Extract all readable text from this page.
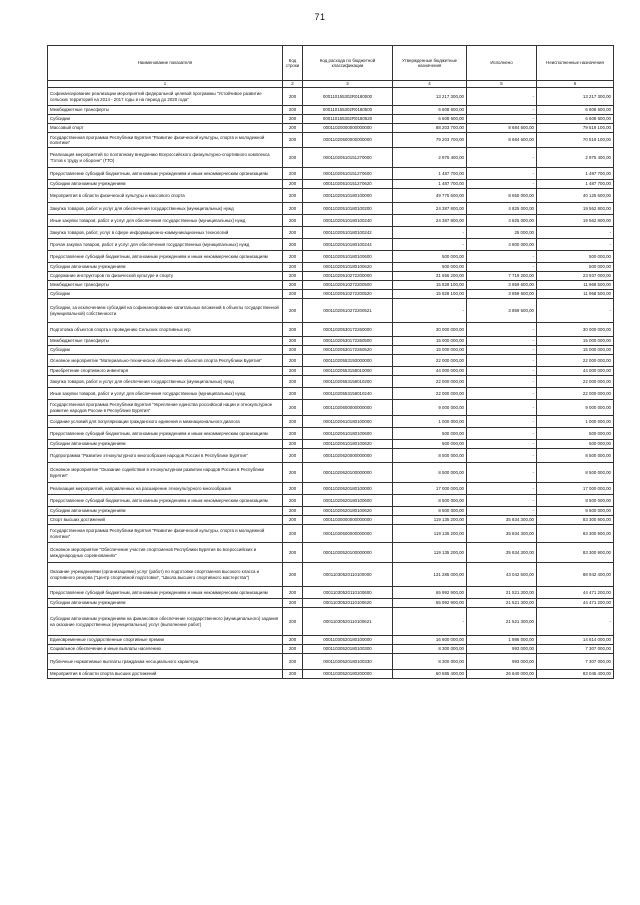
71
Наименование показателя	Код строки	Код расхода по бюджетной классификации	Утвержденные бюджетные назначения	Исполнено	Неисполненные назначения
1	2	3	4	5	6
Софинансирование реализации мероприятий федеральной целевой программы "Устойчивое развитие сельских территорий на 2014 - 2017 годы и на период до 2020 года"	200	000110155302R0180000	13 217 300,00	-	13 217 300,00
Межбюджетные трансферты	200	000110155302R0180500	6 608 600,00	-	6 608 600,00
Субсидии	200	000110155302R0180520	6 608 600,00	-	6 608 600,00
Массовый спорт	200	00011020000000000000	88 203 700,00	8 684 600,00	79 519 100,00
Государственная программа Республики Бурятия "Развитие физической культуры, спорта и молодежной политики"	200	00011020500000000000	79 203 700,00	8 684 600,00	70 519 100,00
Реализация мероприятий по поэтапному внедрению Всероссийского физкультурно-спортивного комплекса "Готов к труду и обороне" (ГТО)	200	00011020510151270000	2 975 400,00	-	2 975 400,00
Предоставление субсидий бюджетным, автономным учреждениям и иным некоммерческим организациям	200	00011020510151270600	1 487 700,00	-	1 487 700,00
Субсидии автономным учреждениям	200	00011020510151270620	1 487 700,00	-	1 487 700,00
Мероприятия в области физической культуры и массового спорта	200	00011020510180100000	49 775 600,00	8 650 000,00	40 125 600,00
Закупка товаров, работ и услуг для обеспечения государственных (муниципальных) нужд	200	00011020510180100200	24 387 800,00	4 825 000,00	19 562 800,00
Иные закупки товаров, работ и услуг для обеспечения государственных (муниципальных) нужд	200	00011020510180100240	24 387 800,00	4 825 000,00	19 562 800,00
Закупка товаров, работ, услуг в сфере информационно-коммуникационных технологий	200	00011020510180100242	-	25 000,00	-
Прочая закупка товаров, работ и услуг для обеспечения государственных (муниципальных) нужд	200	00011020510180100244	-	4 800 000,00	-
Предоставление субсидий бюджетным, автономным учреждениям и иным некоммерческим организациям	200	00011020510180100600	500 000,00	-	500 000,00
Субсидии автономным учреждениям	200	00011020510180100620	500 000,00	-	500 000,00
Содержание инструкторов по физической культуре и спорту	200	00011020510272200000	31 656 200,00	7 719 200,00	23 937 000,00
Межбюджетные трансферты	200	00011020510272200500	15 828 100,00	3 859 600,00	11 968 500,00
Субсидии	200	00011020510272200520	15 828 100,00	3 859 600,00	11 968 500,00
Субсидии, за исключением субсидий на софинансирование капитальных вложений в объекты государственной (муниципальной) собственности	200	00011020510272200521	-	3 859 600,00	-
Подготовка объектов спорта к проведению Сельских спортивных игр	200	00011020530172260000	30 000 000,00	-	30 000 000,00
Межбюджетные трансферты	200	00011020530172260500	15 000 000,00	-	15 000 000,00
Субсидии	200	00011020530172260520	15 000 000,00	-	15 000 000,00
Основное мероприятие "Материально-техническое обеспечение объектов спорта Республики Бурятия"	200	00011020553150000000	22 000 000,00	-	22 000 000,00
Приобретение спортивного инвентаря	200	00011020553158010000	44 000 000,00	-	44 000 000,00
Закупка товаров, работ и услуг для обеспечения государственных (муниципальных) нужд	200	00011020553158010200	22 000 000,00	-	22 000 000,00
Иные закупки товаров, работ и услуг для обеспечения государственных (муниципальных) нужд	200	00011020553158010240	22 000 000,00	-	22 000 000,00
Государственная программа Республики Бурятия "Укрепление единства российской нации и этнокультурное развитие народов России в Республике Бурятия"	200	00011020600000000000	9 000 000,00	-	9 000 000,00
Создание условий для популяризации гражданского единения и межнационального диалога	200	00011020610180100000	1 000 000,00	-	1 000 000,00
Предоставление субсидий бюджетным, автономным учреждениям и иным некоммерческим организациям	200	00011020610180100600	500 000,00	-	500 000,00
Субсидии автономным учреждениям	200	00011020610180100620	500 000,00	-	500 000,00
Подпрограмма "Развитие этнокультурного многообразия народов России в Республике Бурятия"	200	00011020620000000000	8 500 000,00	-	8 500 000,00
Основное мероприятие "Оказание содействия в этнокультурном развитии народов России в Республике Бурятия"	200	00011020620100000000	8 500 000,00	-	8 500 000,00
Реализация мероприятий, направленных на расширение этнокультурного многообразия	200	00011020620180100000	17 000 000,00	-	17 000 000,00
Предоставление субсидий бюджетным, автономным учреждениям и иным некоммерческим организациям	200	00011020620180100600	8 500 000,00	-	8 500 000,00
Субсидии автономным учреждениям	200	00011020620180100620	8 500 000,00	-	8 500 000,00
Спорт высших достижений	200	00011030000000000000	119 135 200,00	35 834 300,00	83 300 900,00
Государственная программа Республики Бурятия "Развитие физической культуры, спорта и молодежной политики"	200	00011030500000000000	119 135 200,00	35 834 300,00	83 300 900,00
Основное мероприятие "Обеспечение участия спортсменов Республики Бурятия во всероссийских и международных соревнованиях"	200	00011030520100000000	119 135 200,00	35 834 300,00	83 300 900,00
Оказание учреждениями (организациями) услуг (работ) по подготовке спортсменов высокого класса и спортивного резерва ("Центр спортивной подготовки", "Школа высшего спортивного мастерства")	200	00011030520110100000	131 285 000,00	43 042 600,00	88 942 400,00
Предоставление субсидий бюджетным, автономным учреждениям и иным некоммерческим организациям	200	00011030520110100600	65 992 900,00	21 521 300,00	44 471 200,00
Субсидии автономным учреждениям	200	00011030520110100620	65 992 900,00	21 521 300,00	44 471 200,00
Субсидии автономным учреждениям на финансовое обеспечение государственного (муниципального) задания на оказание государственных (муниципальных) услуг (выполнение работ)	200	00011030520110100621	-	21 521 300,00	-
Единовременные государственные спортивные премии	200	00011030520180100000	16 600 000,00	1 986 000,00	14 614 000,00
Социальное обеспечение и иные выплаты населению	200	00011030520180100300	8 300 000,00	993 000,00	7 307 000,00
Публичные нормативные выплаты гражданам несоциального характера	200	00011030520180100330	8 300 000,00	993 000,00	7 307 000,00
Мероприятия в области спорта высших достижений	200	00011030520180200000	60 685 400,00	26 640 000,00	83 045 400,00
